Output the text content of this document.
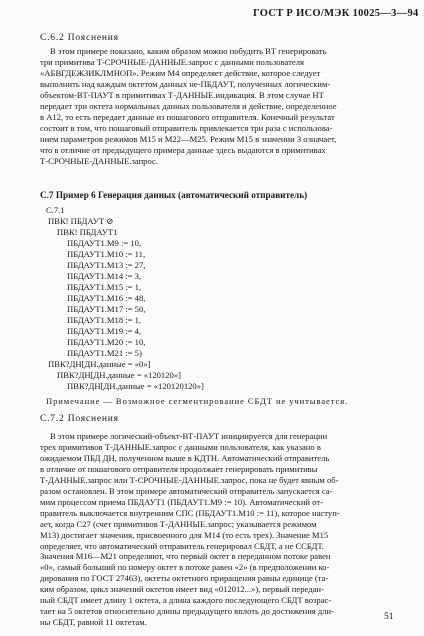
ГОСТ Р ИСО/МЭК 10025—3—94
С.6.2 Пояснения
В этом примере показано, каким образом можно побудить ВТ генерировать
три примитива Т-СРОЧНЫЕ-ДАННЫЕ.запрос с данными пользователя
«АБВГДЕЖЗИКЛМНОП». Режим М4 определяет действие, которое следует
выполнить над каждым октетом данных не-ПБДАУТ, полученных логическим-
объектом-ВТ-ПАУТ в примитивах Т-ДАННЫЕ.индикация. В этом случае НТ
передает три октета нормальных данных пользователя и действие, определенное
в А12, то есть передает данные из пошагового отправителя. Конечный результат
состоит в том, что пошаговый отправитель привлекается три раза с использова-
нием параметров режимов М15 и М22—М25. Режим М15 в значении 3 означает,
что в отличие от предыдущего примера данные здесь выдаются в примитивах
Т-СРОЧНЫЕ-ДАННЫЕ.запрос.
С.7 Пример 6 Генерация данных (автоматический отправитель)
С.7.1
ПВК! ПБДАУТ ⊘
ПВК! ПБДАУТ1
ПБДАУТ1.М9 := 10,
ПБДАУТ1.М10 := 11,
ПБДАУТ1.М13 := 27,
ПБДАУТ1.М14 := 3,
ПБДАУТ1.М15 := 1,
ПБДАУТ1.М16 := 48,
ПБДАУТ1.М17 := 50,
ПБДАУТ1.М18 := 1,
ПБДАУТ1.М19 := 4,
ПБДАУТ1.М20 := 10,
ПБДАУТ1.М21 := 5)
ПВК?ДН[ДН.данные = «0»]
ПВК?ДН[ДН.данные = «120120»]
ПВК?ДН[ДН.данные = «120120120»]
Примечание — Возможное сегментирование СБДТ не учитывается.
С.7.2 Пояснения
В этом примере логический-объект-ВТ-ПАУТ инициируется для генерации
трех примитивов Т-ДАННЫЕ.запрос с данными пользователя, как указано в
ожидаемом ПБД ДН, полученном выше в КДТН. Автоматический отправитель
в отличие от пошагового отправителя продолжает генерировать примитивы
Т-ДАННЫЕ.запрос или Т-СРОЧНЫЕ-ДАННЫЕ.запрос, пока не будет явным об-
разом остановлен. В этом примере автоматический отправитель запускается са-
мим процессом приема ПБДАУТ1 (ПБДАУТ1.М9 := 10). Автоматический от-
правитель выключается внутренним СПС (ПБДАУТ1.М10 := 11), которое наступ-
ает, когда С27 (счет примитивов Т-ДАННЫЕ.запрос; указывается режимом
М13) достигает значения, присвоенного для М14 (то есть трех). Значение М15
определяет, что автоматический отправитель генерировал СБДТ, а не ССБДТ.
Значения М16—М21 определяют, что первый октет в переданном потоке равен
«0», самый больший по номеру октет в потоке равен «2» (в предположении ко-
дирования по ГОСТ 27463), октеты октетного приращения равны единице (та-
ким образом, цикл значений октетов имеет вид «012012...»), первый передан-
ный СБДТ имеет длину 1 октета, а длина каждого последующего СБДТ возрас-
тает на 5 октетов относительно длины предыдущего вплоть до достижения дли-
ны СБДТ, равной 11 октетам.
51
